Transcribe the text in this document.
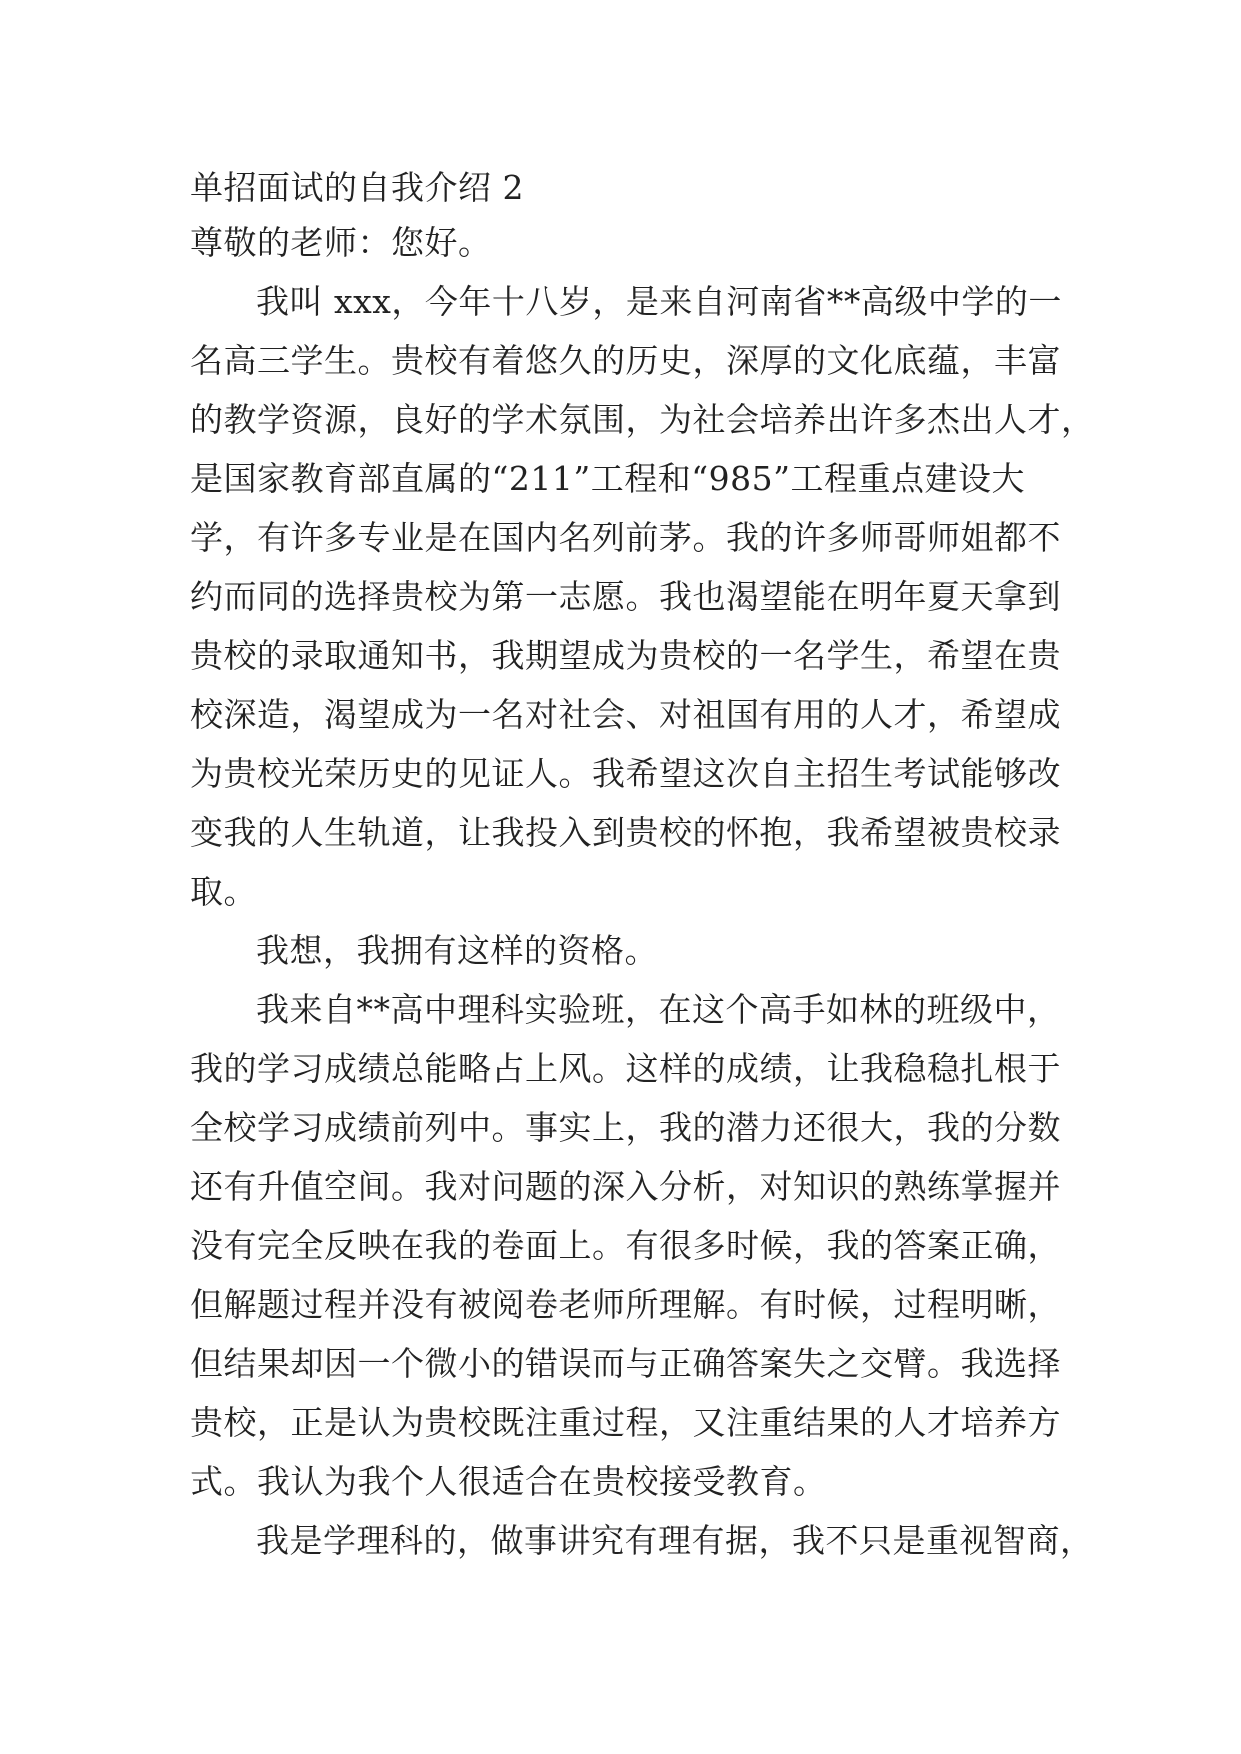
单招面试的自我介绍 2
尊敬的老师：您好。
我叫 xxx，今年十八岁，是来自河南省**高级中学的一
名高三学生。贵校有着悠久的历史，深厚的文化底蕴，丰富
的教学资源，良好的学术氛围，为社会培养出许多杰出人才，
是国家教育部直属的“211”工程和“985”工程重点建设大
学，有许多专业是在国内名列前茅。我的许多师哥师姐都不
约而同的选择贵校为第一志愿。我也渴望能在明年夏天拿到
贵校的录取通知书，我期望成为贵校的一名学生，希望在贵
校深造，渴望成为一名对社会、对祖国有用的人才，希望成
为贵校光荣历史的见证人。我希望这次自主招生考试能够改
变我的人生轨道，让我投入到贵校的怀抱，我希望被贵校录
取。
我想，我拥有这样的资格。
我来自**高中理科实验班，在这个高手如林的班级中，
我的学习成绩总能略占上风。这样的成绩，让我稳稳扎根于
全校学习成绩前列中。事实上，我的潜力还很大，我的分数
还有升值空间。我对问题的深入分析，对知识的熟练掌握并
没有完全反映在我的卷面上。有很多时候，我的答案正确，
但解题过程并没有被阅卷老师所理解。有时候，过程明晰，
但结果却因一个微小的错误而与正确答案失之交臂。我选择
贵校，正是认为贵校既注重过程，又注重结果的人才培养方
式。我认为我个人很适合在贵校接受教育。
我是学理科的，做事讲究有理有据，我不只是重视智商，
